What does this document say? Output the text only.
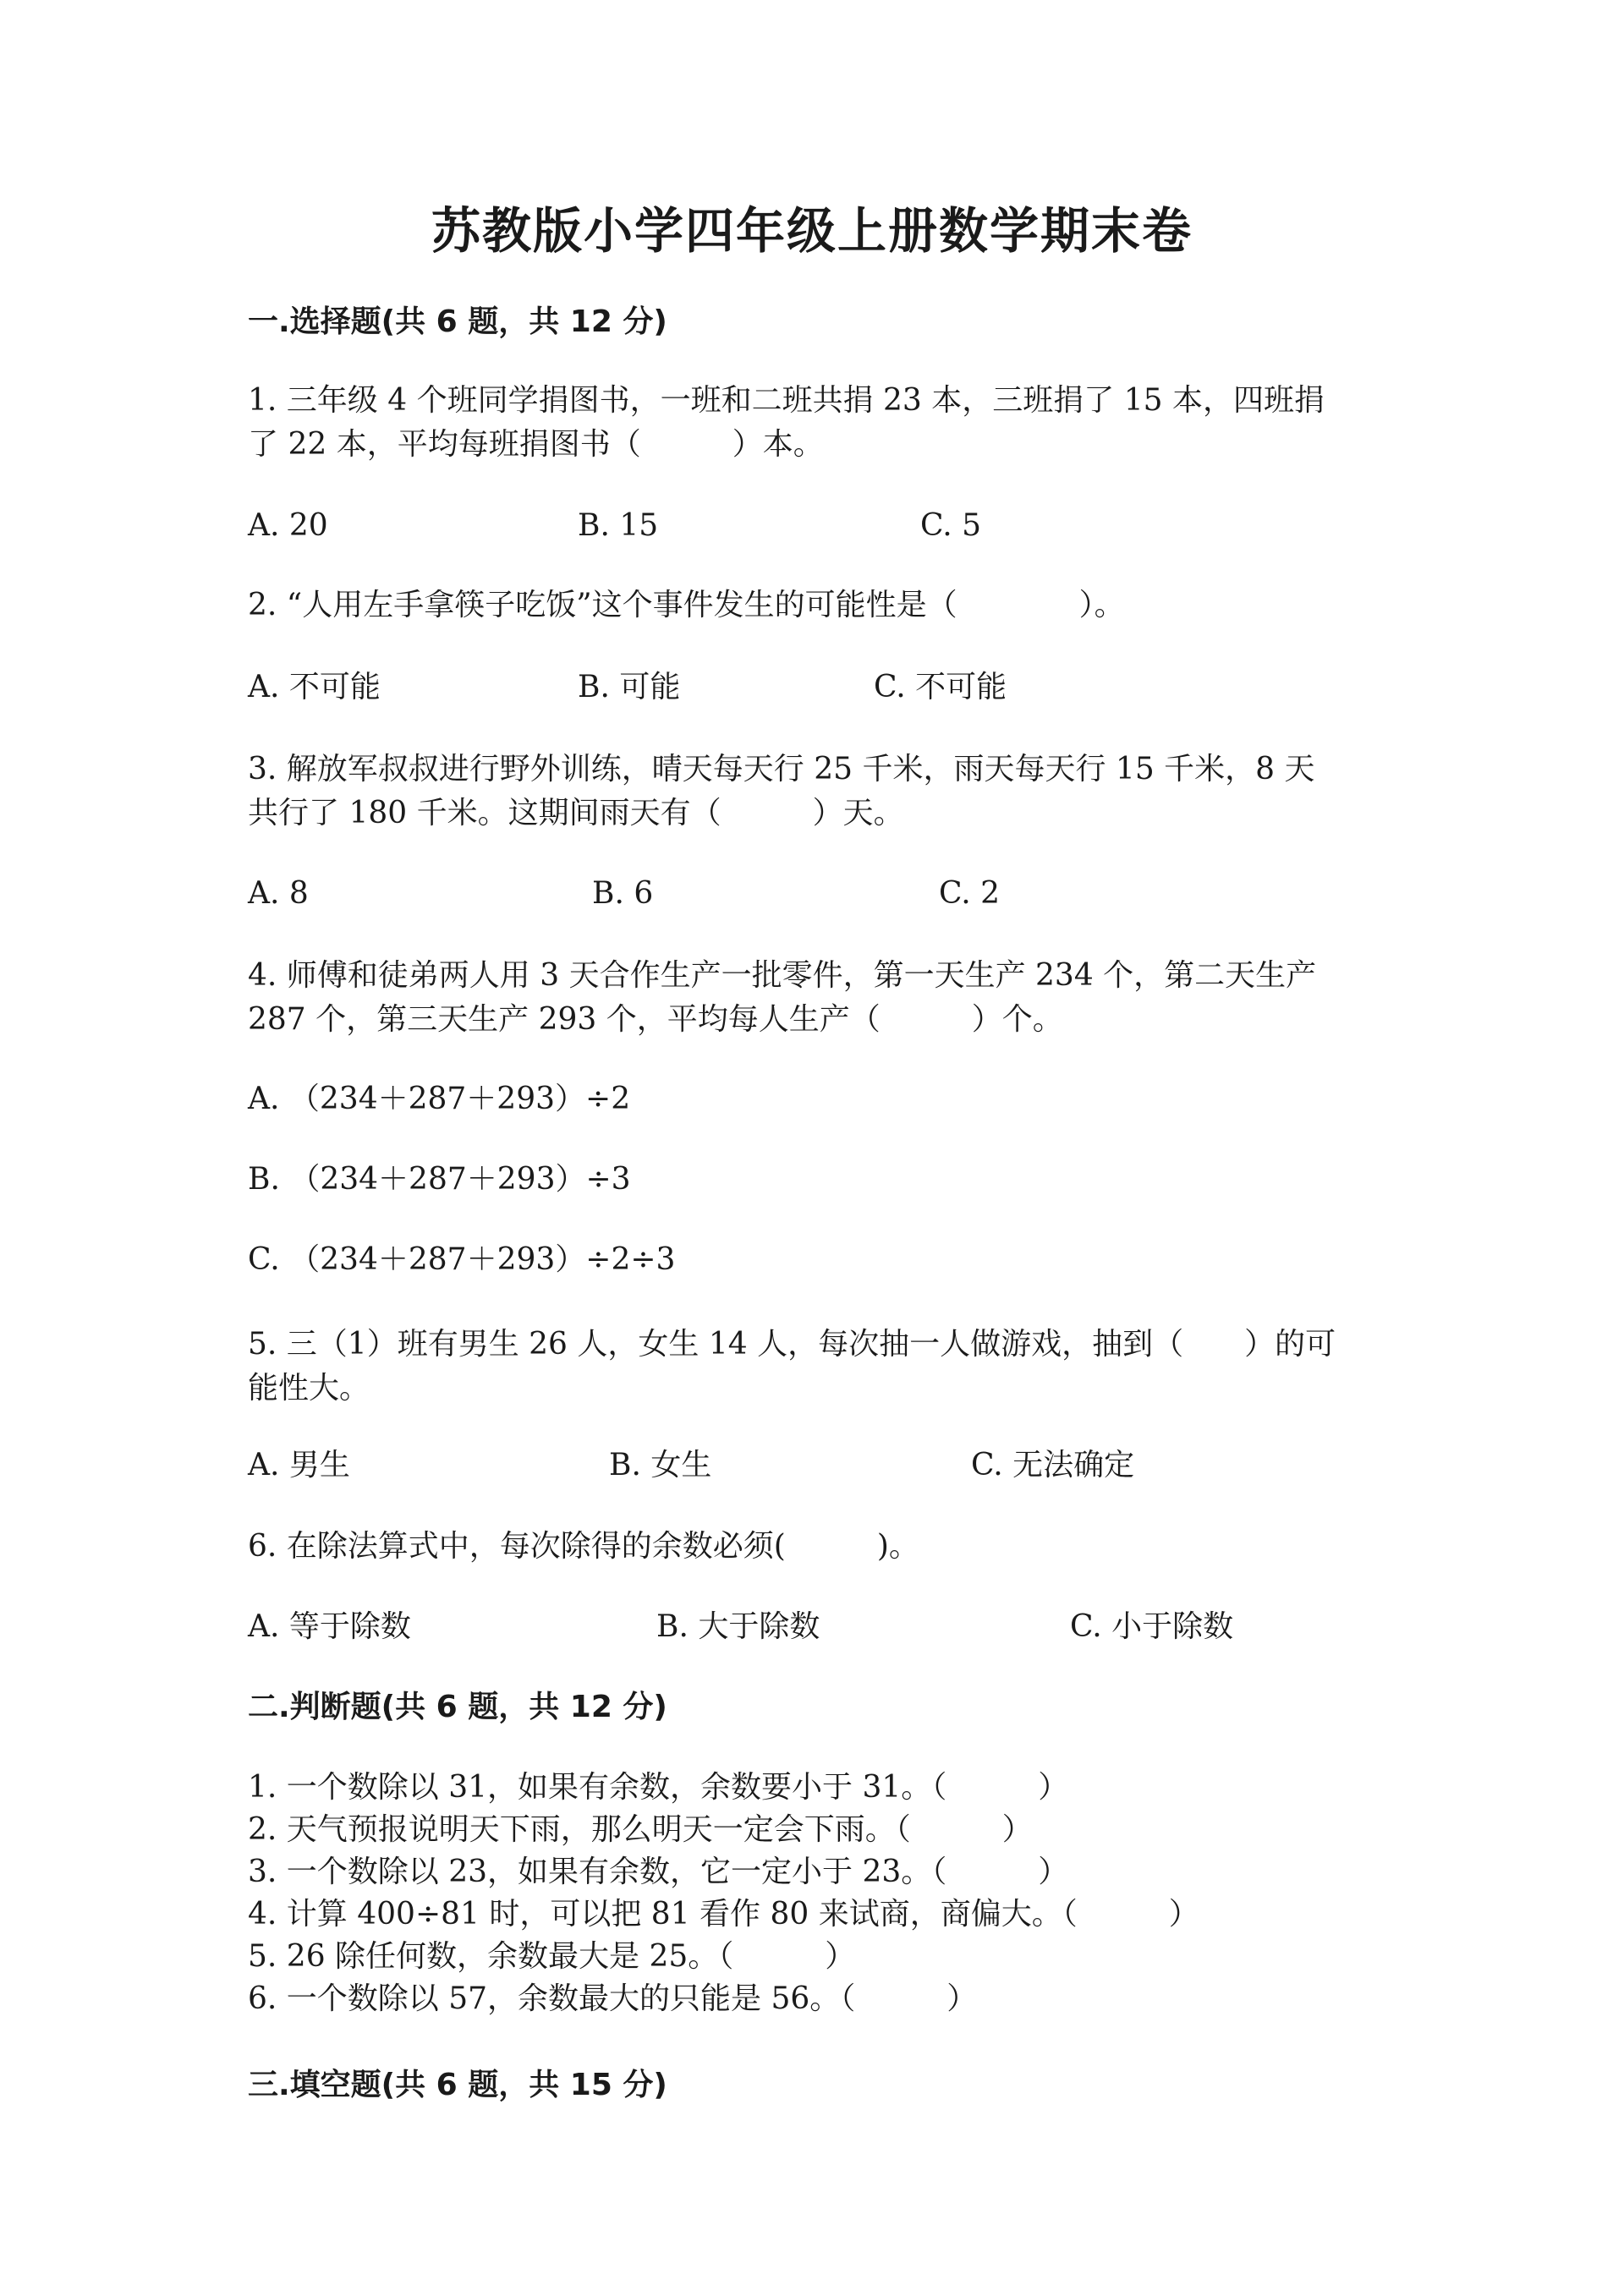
苏教版小学四年级上册数学期末卷
一.选择题(共 6 题，共 12 分)
1. 三年级 4 个班同学捐图书，一班和二班共捐 23 本，三班捐了 15 本，四班捐
了 22 本，平均每班捐图书（　　　）本。
A. 20	B. 15	C. 5
2. “人用左手拿筷子吃饭”这个事件发生的可能性是（　　　　）。
A. 不可能	B. 可能	C. 不可能
3. 解放军叔叔进行野外训练，晴天每天行 25 千米，雨天每天行 15 千米，8 天
共行了 180 千米。这期间雨天有（　　　）天。
A. 8	B. 6	C. 2
4. 师傅和徒弟两人用 3 天合作生产一批零件，第一天生产 234 个，第二天生产
287 个，第三天生产 293 个，平均每人生产（　　　）个。
A. （234＋287＋293）÷2
B. （234＋287＋293）÷3
C. （234＋287＋293）÷2÷3
5. 三（1）班有男生 26 人，女生 14 人，每次抽一人做游戏，抽到（　　）的可
能性大。
A. 男生	B. 女生	C. 无法确定
6. 在除法算式中，每次除得的余数必须(　　　)。
A. 等于除数	B. 大于除数	C. 小于除数
二.判断题(共 6 题，共 12 分)
1. 一个数除以 31，如果有余数，余数要小于 31。（　　　）
2. 天气预报说明天下雨，那么明天一定会下雨。（　　　）
3. 一个数除以 23，如果有余数，它一定小于 23。（　　　）
4. 计算 400÷81 时，可以把 81 看作 80 来试商，商偏大。（　　　）
5. 26 除任何数，余数最大是 25。（　　　）
6. 一个数除以 57，余数最大的只能是 56。（　　　）
三.填空题(共 6 题，共 15 分)
